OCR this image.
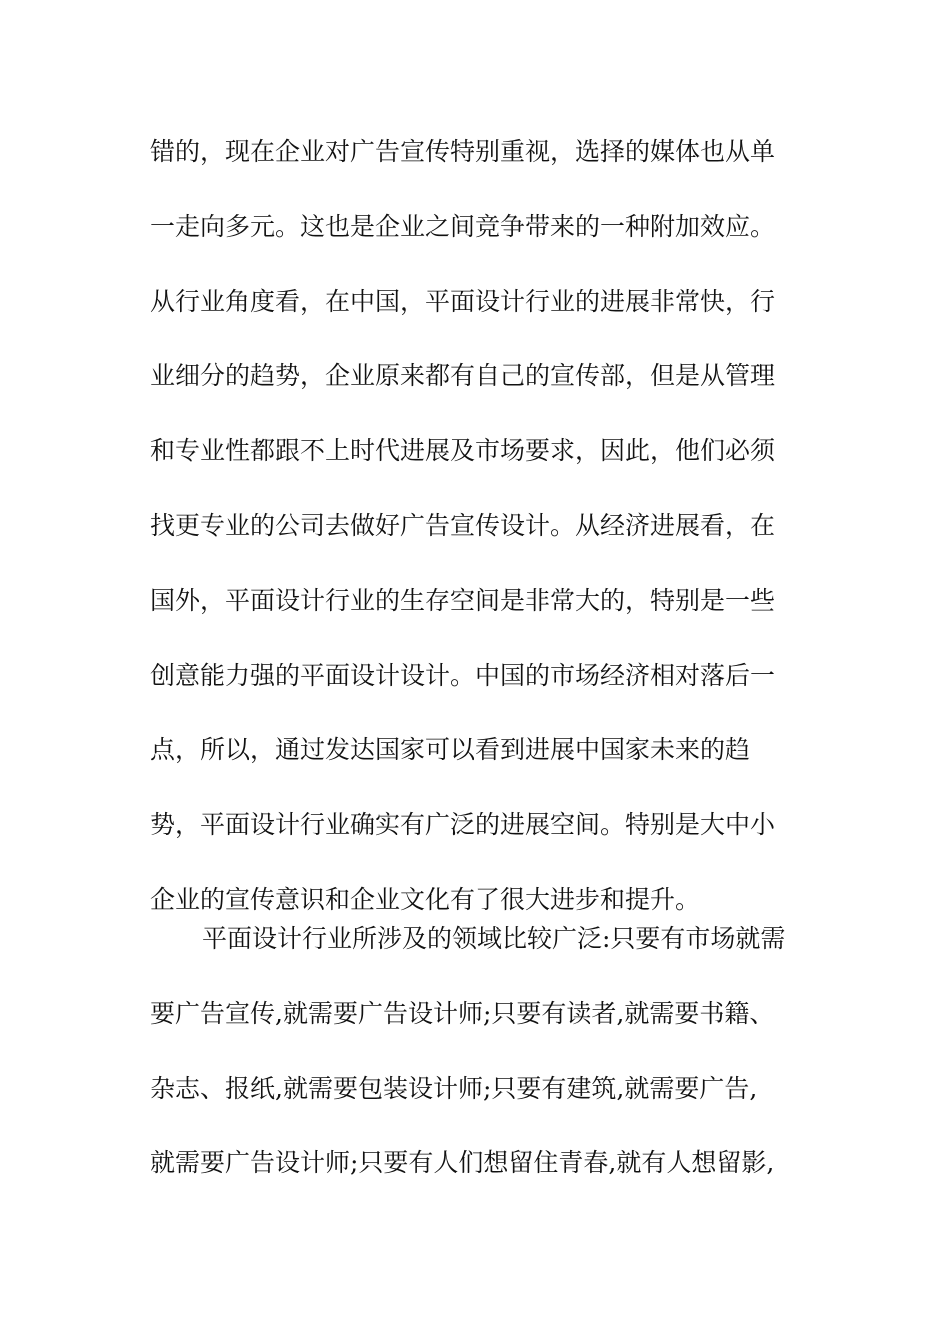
错的，现在企业对广告宣传特别重视，选择的媒体也从单
一走向多元。这也是企业之间竞争带来的一种附加效应。
从行业角度看，在中国，平面设计行业的进展非常快，行
业细分的趋势，企业原来都有自己的宣传部，但是从管理
和专业性都跟不上时代进展及市场要求，因此，他们必须
找更专业的公司去做好广告宣传设计。从经济进展看，在
国外，平面设计行业的生存空间是非常大的，特别是一些
创意能力强的平面设计设计。中国的市场经济相对落后一
点，所以，通过发达国家可以看到进展中国家未来的趋
势，平面设计行业确实有广泛的进展空间。特别是大中小
企业的宣传意识和企业文化有了很大进步和提升。
平面设计行业所涉及的领域比较广泛:只要有市场就需
要广告宣传,就需要广告设计师;只要有读者,就需要书籍、
杂志、报纸,就需要包装设计师;只要有建筑,就需要广告,
就需要广告设计师;只要有人们想留住青春,就有人想留影,
